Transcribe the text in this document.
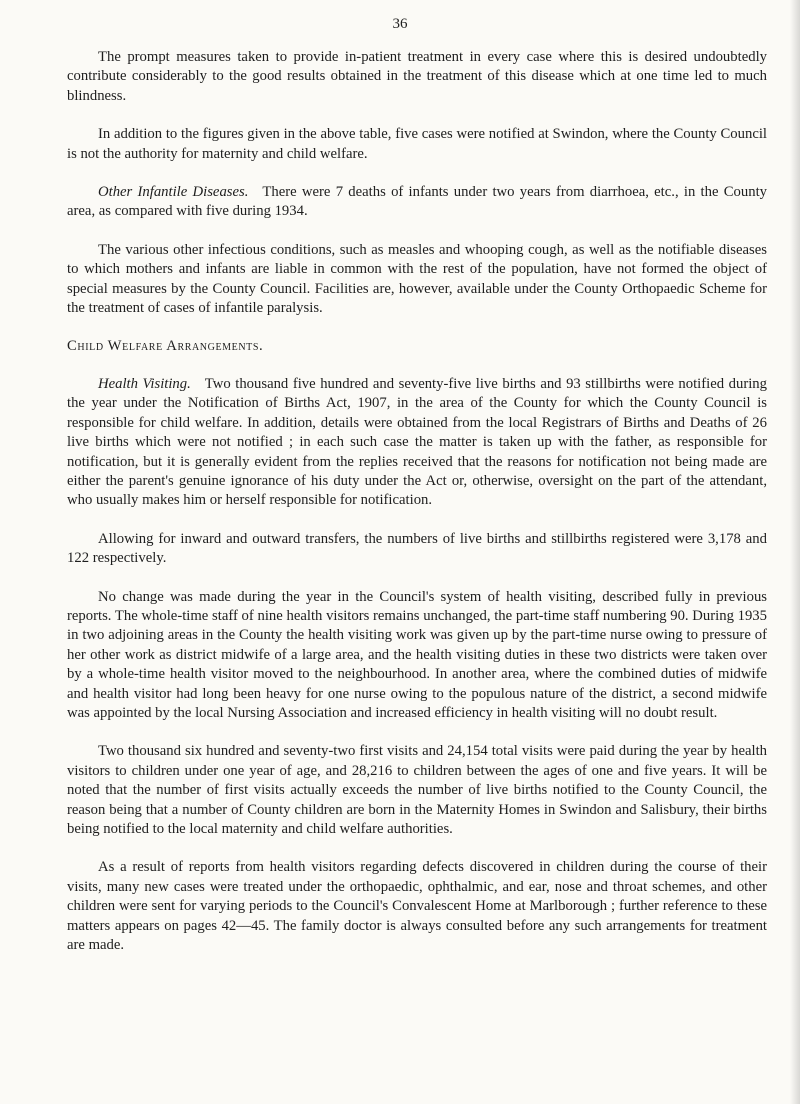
36

The prompt measures taken to provide in-patient treatment in every case where this is desired undoubtedly contribute considerably to the good results obtained in the treatment of this disease which at one time led to much blindness.

In addition to the figures given in the above table, five cases were notified at Swindon, where the County Council is not the authority for maternity and child welfare.

Other Infantile Diseases. There were 7 deaths of infants under two years from diarrhoea, etc., in the County area, as compared with five during 1934.

The various other infectious conditions, such as measles and whooping cough, as well as the notifiable diseases to which mothers and infants are liable in common with the rest of the population, have not formed the object of special measures by the County Council. Facilities are, however, available under the County Orthopaedic Scheme for the treatment of cases of infantile paralysis.

Child Welfare Arrangements.

Health Visiting. Two thousand five hundred and seventy-five live births and 93 stillbirths were notified during the year under the Notification of Births Act, 1907, in the area of the County for which the County Council is responsible for child welfare. In addition, details were obtained from the local Registrars of Births and Deaths of 26 live births which were not notified ; in each such case the matter is taken up with the father, as responsible for notification, but it is generally evident from the replies received that the reasons for notification not being made are either the parent's genuine ignorance of his duty under the Act or, otherwise, oversight on the part of the attendant, who usually makes him or herself responsible for notification.

Allowing for inward and outward transfers, the numbers of live births and stillbirths registered were 3,178 and 122 respectively.

No change was made during the year in the Council's system of health visiting, described fully in previous reports. The whole-time staff of nine health visitors remains unchanged, the part-time staff numbering 90. During 1935 in two adjoining areas in the County the health visiting work was given up by the part-time nurse owing to pressure of her other work as district midwife of a large area, and the health visiting duties in these two districts were taken over by a whole-time health visitor moved to the neighbourhood. In another area, where the combined duties of midwife and health visitor had long been heavy for one nurse owing to the populous nature of the district, a second midwife was appointed by the local Nursing Association and increased efficiency in health visiting will no doubt result.

Two thousand six hundred and seventy-two first visits and 24,154 total visits were paid during the year by health visitors to children under one year of age, and 28,216 to children between the ages of one and five years. It will be noted that the number of first visits actually exceeds the number of live births notified to the County Council, the reason being that a number of County children are born in the Maternity Homes in Swindon and Salisbury, their births being notified to the local maternity and child welfare authorities.

As a result of reports from health visitors regarding defects discovered in children during the course of their visits, many new cases were treated under the orthopaedic, ophthalmic, and ear, nose and throat schemes, and other children were sent for varying periods to the Council's Convalescent Home at Marlborough ; further reference to these matters appears on pages 42—45. The family doctor is always consulted before any such arrangements for treatment are made.
